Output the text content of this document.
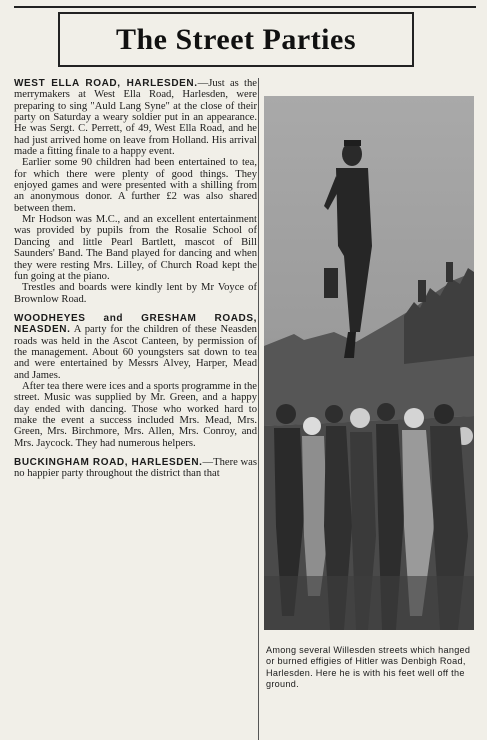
The Street Parties

WEST ELLA ROAD, HARLESDEN.—Just as the merrymakers at West Ella Road, Harlesden, were preparing to sing "Auld Lang Syne" at the close of their party on Saturday a weary soldier put in an appearance. He was Sergt. C. Perrett, of 49, West Ella Road, and he had just arrived home on leave from Holland. His arrival made a fitting finale to a happy event.

Earlier some 90 children had been entertained to tea, for which there were plenty of good things. They enjoyed games and were presented with a shilling from an anonymous donor. A further £2 was also shared between them.

Mr Hodson was M.C., and an excellent entertainment was provided by pupils from the Rosalie School of Dancing and little Pearl Bartlett, mascot of Bill Saunders' Band. The Band played for dancing and when they were resting Mrs. Lilley, of Church Road kept the fun going at the piano.

Trestles and boards were kindly lent by Mr Voyce of Brownlow Road.

WOODHEYES and GRESHAM ROADS, NEASDEN. A party for the children of these Neasden roads was held in the Ascot Canteen, by permission of the management. About 60 youngsters sat down to tea and were entertained by Messrs Alvey, Harper, Mead and James.

After tea there were ices and a sports programme in the street. Music was supplied by Mr. Green, and a happy day ended with dancing. Those who worked hard to make the event a success included Mrs. Mead, Mrs. Green, Mrs. Birchmore, Mrs. Allen, Mrs. Conroy, and Mrs. Jaycock. They had numerous helpers.

BUCKINGHAM ROAD, HARLESDEN.—There was no happier party throughout the district than that

Among several Willesden streets which hanged or burned effigies of Hitler was Denbigh Road, Harlesden. Here he is with his feet well off the ground.
